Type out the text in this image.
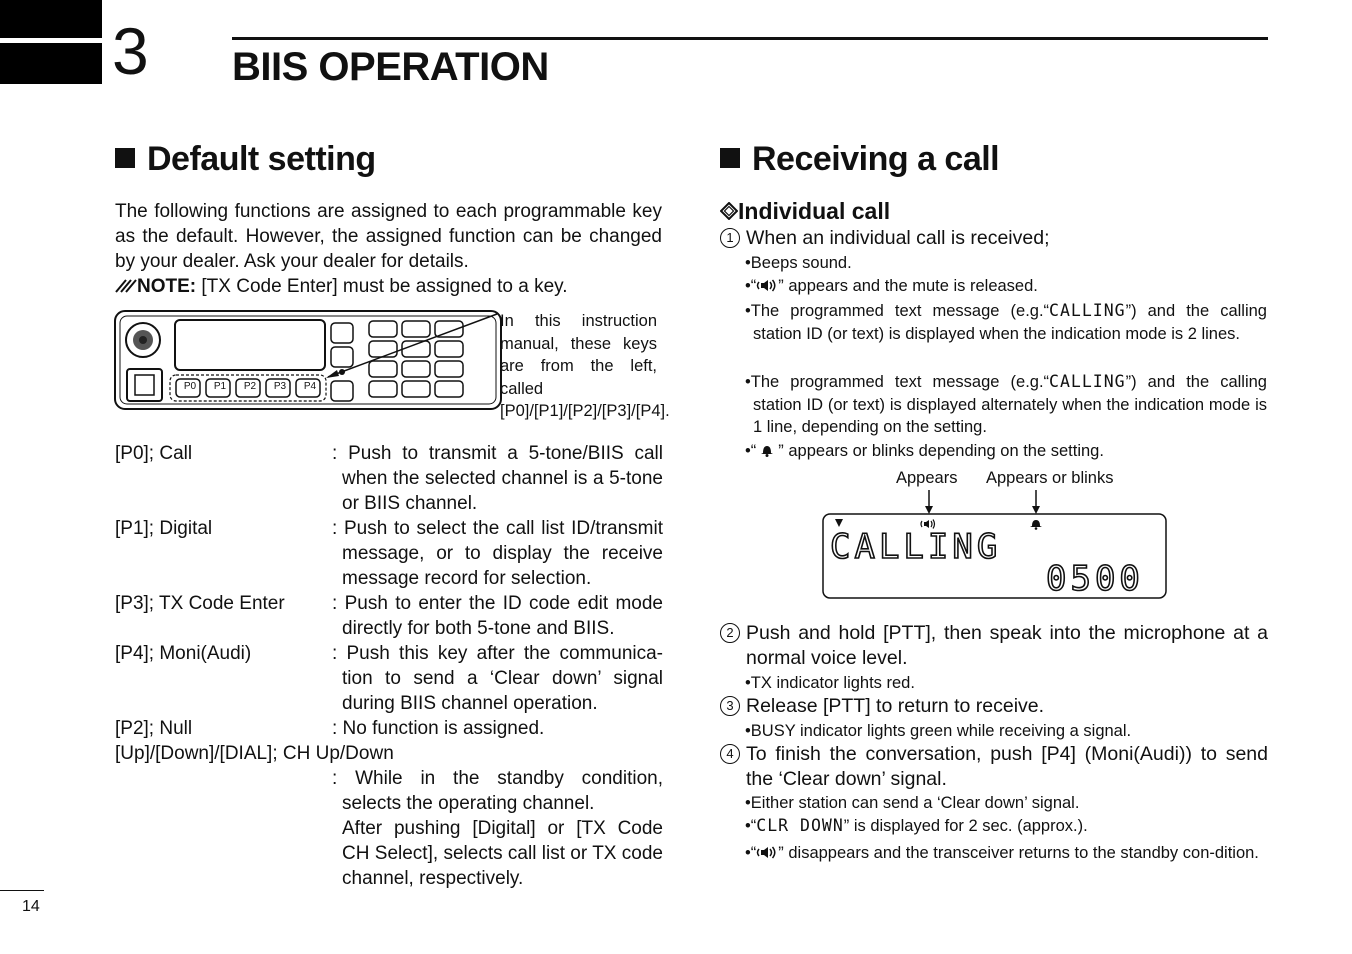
3 BIIS OPERATION
Default setting
The following functions are assigned to each programmable key as the default. However, the assigned function can be changed by your dealer. Ask your dealer for details.
NOTE: [TX Code Enter] must be assigned to a key.
P0	P1	P2	P3	P4
In this instruction manual, these keys are from the left, called [P0]/[P1]/[P2]/[P3]/[P4].
[P0]; Call	: Push to transmit a 5-tone/BIIS call when the selected channel is a 5-tone or BIIS channel.
[P1]; Digital	: Push to select the call list ID/transmit message, or to display the receive message record for selection.
[P3]; TX Code Enter : Push to enter the ID code edit mode directly for both 5-tone and BIIS.
[P4]; Moni(Audi)	: Push this key after the communica-tion to send a ‘Clear down’ signal during BIIS channel operation.
[P2]; Null	: No function is assigned.
[Up]/[Down]/[DIAL]; CH Up/Down
: While in the standby condition, selects the operating channel.
After pushing [Digital] or [TX Code CH Select], selects call list or TX code channel, respectively.
Receiving a call
Individual call
1 When an individual call is received;
•Beeps sound.
•“ ” appears and the mute is released.
•The programmed text message (e.g.“CALLING”) and the calling station ID (or text) is displayed when the indication mode is 2 lines.
•The programmed text message (e.g.“CALLING”) and the calling station ID (or text) is displayed alternately when the indication mode is 1 line, depending on the setting.
•“ ” appears or blinks depending on the setting.
Appears Appears or blinks
CALLING
0500
2 Push and hold [PTT], then speak into the microphone at a normal voice level.
•TX indicator lights red.
3 Release [PTT] to return to receive.
•BUSY indicator lights green while receiving a signal.
4 To finish the conversation, push [P4] (Moni(Audi)) to send the ‘Clear down’ signal.
•Either station can send a ‘Clear down’ signal.
•“CLR DOWN” is displayed for 2 sec. (approx.).
•“ ” disappears and the transceiver returns to the standby con-dition.
14
